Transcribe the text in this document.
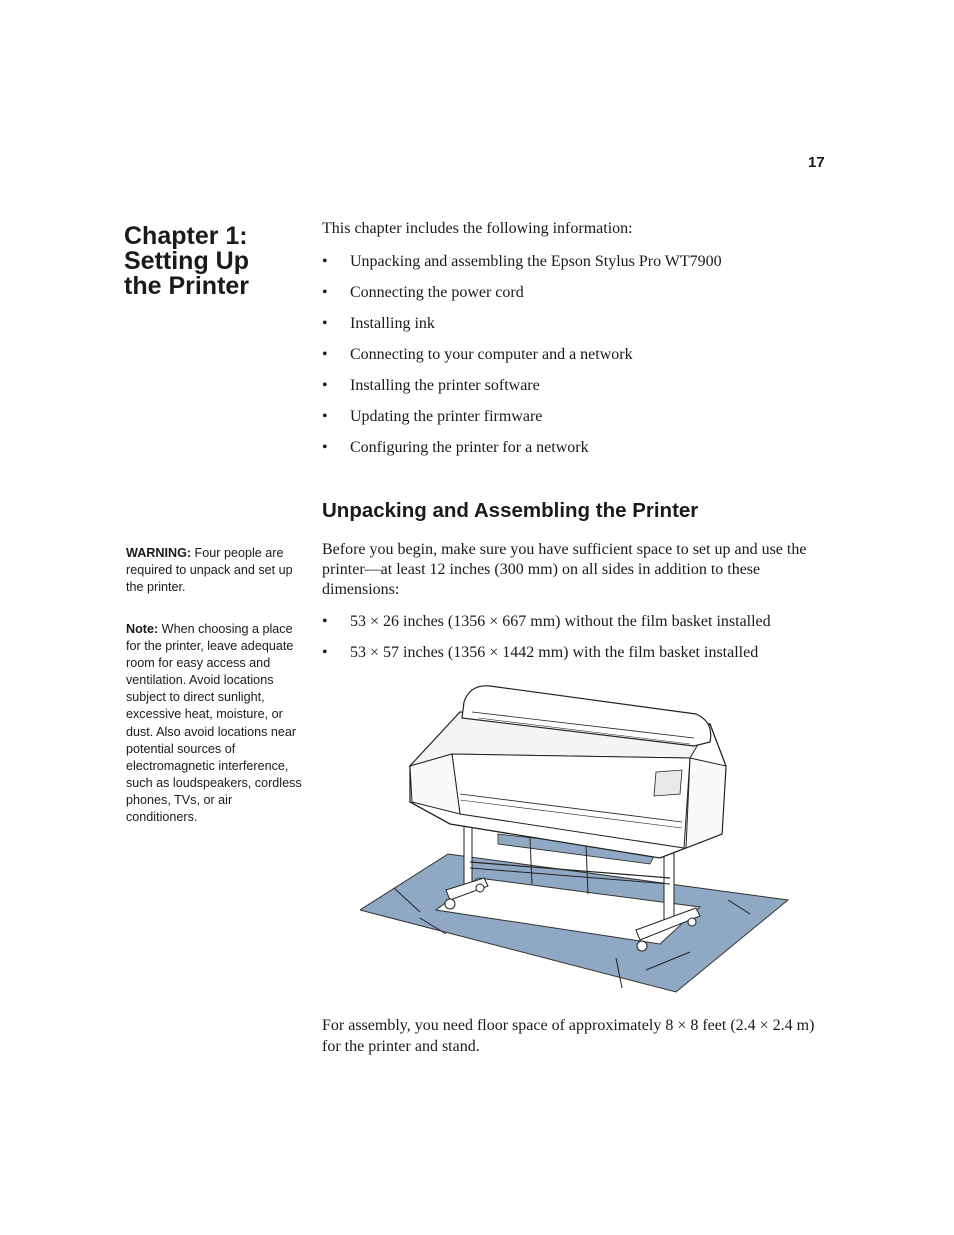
17
Chapter 1:
Setting Up
the Printer

This chapter includes the following information:

• Unpacking and assembling the Epson Stylus Pro WT7900
• Connecting the power cord
• Installing ink
• Connecting to your computer and a network
• Installing the printer software
• Updating the printer firmware
• Configuring the printer for a network
Unpacking and Assembling the Printer

WARNING: Four people are required to unpack and set up the printer.

Note: When choosing a place for the printer, leave adequate room for easy access and ventilation. Avoid locations subject to direct sunlight, excessive heat, moisture, or dust. Also avoid locations near potential sources of electromagnetic interference, such as loudspeakers, cordless phones, TVs, or air conditioners.

Before you begin, make sure you have sufficient space to set up and use the printer—at least 12 inches (300 mm) on all sides in addition to these dimensions:

• 53 × 26 inches (1356 × 667 mm) without the film basket installed
• 53 × 57 inches (1356 × 1442 mm) with the film basket installed

For assembly, you need floor space of approximately 8 × 8 feet (2.4 × 2.4 m) for the printer and stand.
